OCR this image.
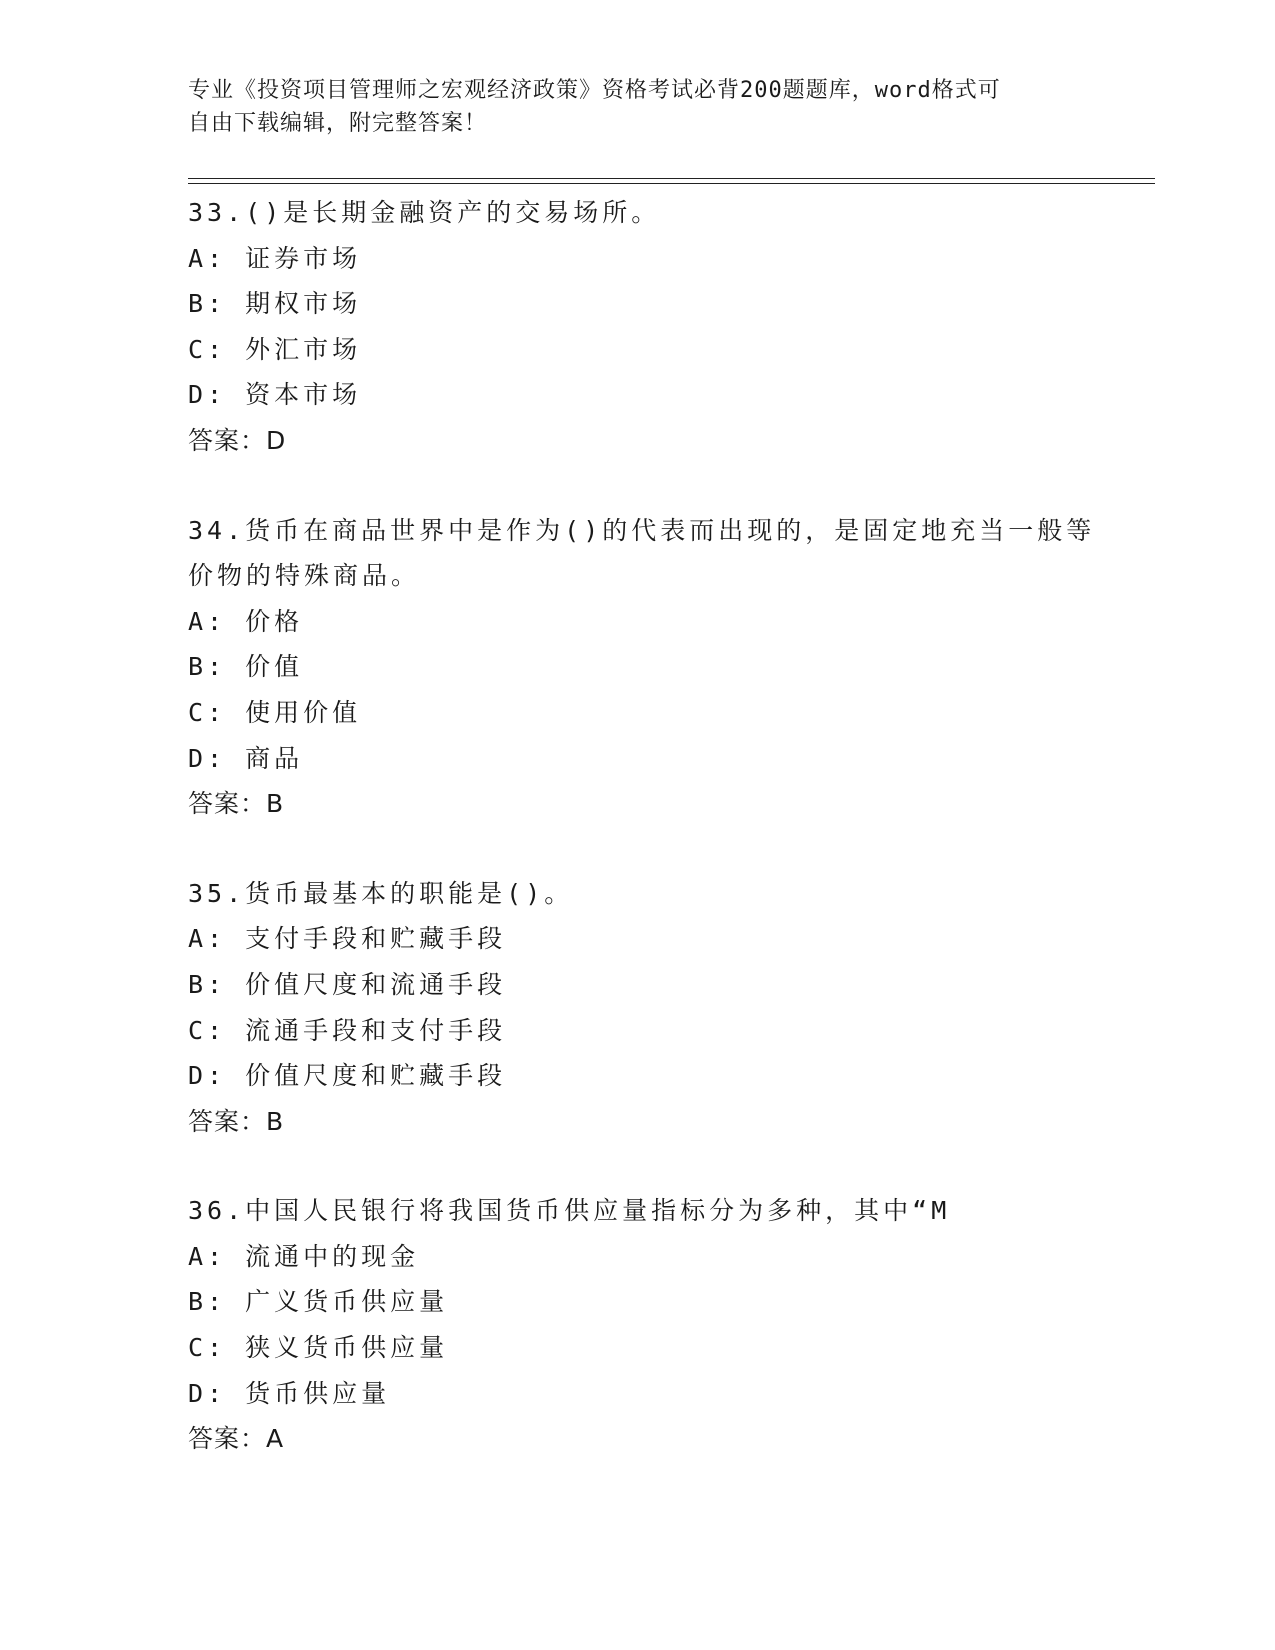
专业《投资项目管理师之宏观经济政策》资格考试必背200题题库，word格式可
自由下载编辑，附完整答案！
33.()是长期金融资产的交易场所。
A: 证券市场
B: 期权市场
C: 外汇市场
D: 资本市场
答案：D
34.货币在商品世界中是作为()的代表而出现的，是固定地充当一般等
价物的特殊商品。
A: 价格
B: 价值
C: 使用价值
D: 商品
答案：B
35.货币最基本的职能是()。
A: 支付手段和贮藏手段
B: 价值尺度和流通手段
C: 流通手段和支付手段
D: 价值尺度和贮藏手段
答案：B
36.中国人民银行将我国货币供应量指标分为多种，其中“M
A: 流通中的现金
B: 广义货币供应量
C: 狭义货币供应量
D: 货币供应量
答案：A
